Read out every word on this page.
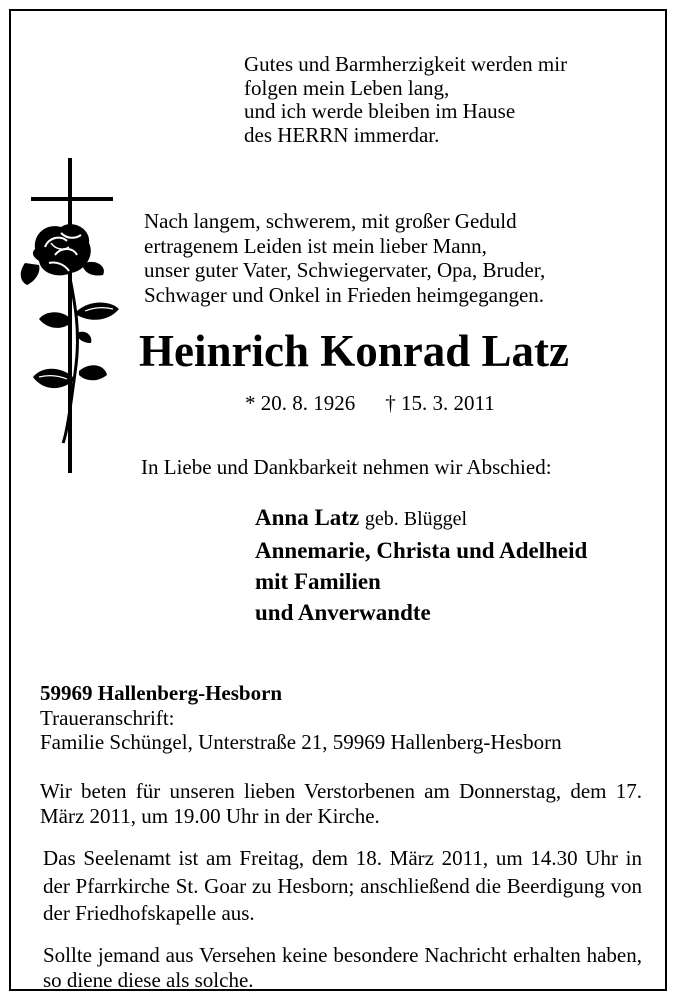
Gutes und Barmherzigkeit werden mir
folgen mein Leben lang,
und ich werde bleiben im Hause
des HERRN immerdar.

Nach langem, schwerem, mit großer Geduld
ertragenem Leiden ist mein lieber Mann,
unser guter Vater, Schwiegervater, Opa, Bruder,
Schwager und Onkel in Frieden heimgegangen.

Heinrich Konrad Latz

* 20. 8. 1926 † 15. 3. 2011

In Liebe und Dankbarkeit nehmen wir Abschied:

Anna Latz geb. Blüggel
Annemarie, Christa und Adelheid
mit Familien
und Anverwandte

59969 Hallenberg-Hesborn
Traueranschrift:
Familie Schüngel, Unterstraße 21, 59969 Hallenberg-Hesborn

Wir beten für unseren lieben Verstorbenen am Donnerstag, dem 17. März 2011, um 19.00 Uhr in der Kirche.

Das Seelenamt ist am Freitag, dem 18. März 2011, um 14.30 Uhr in der Pfarrkirche St. Goar zu Hesborn; anschließend die Beerdigung von der Friedhofskapelle aus.

Sollte jemand aus Versehen keine besondere Nachricht erhalten haben, so diene diese als solche.
